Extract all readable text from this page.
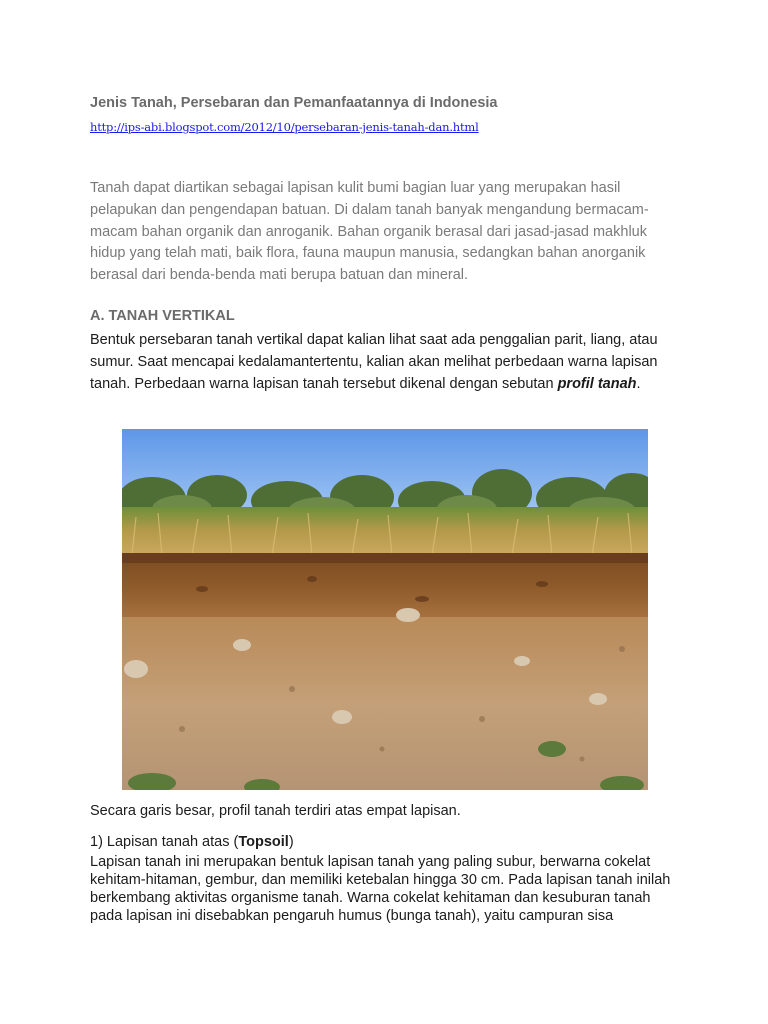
Jenis Tanah, Persebaran dan Pemanfaatannya di Indonesia
http://ips-abi.blogspot.com/2012/10/persebaran-jenis-tanah-dan.html

Tanah dapat diartikan sebagai lapisan kulit bumi bagian luar yang merupakan hasil pelapukan dan pengendapan batuan. Di dalam tanah banyak mengandung bermacam-macam bahan organik dan anroganik. Bahan organik berasal dari jasad-jasad makhluk hidup yang telah mati, baik flora, fauna maupun manusia, sedangkan bahan anorganik berasal dari benda-benda mati berupa batuan dan mineral.

A. TANAH VERTIKAL

Bentuk persebaran tanah vertikal dapat kalian lihat saat ada penggalian parit, liang, atau sumur. Saat mencapai kedalamantertentu, kalian akan melihat perbedaan warna lapisan tanah. Perbedaan warna lapisan tanah tersebut dikenal dengan sebutan profil tanah.

Secara garis besar, profil tanah terdiri atas empat lapisan.

1) Lapisan tanah atas (Topsoil)

Lapisan tanah ini merupakan bentuk lapisan tanah yang paling subur, berwarna cokelat kehitam-hitaman, gembur, dan memiliki ketebalan hingga 30 cm. Pada lapisan tanah inilah berkembang aktivitas organisme tanah. Warna cokelat kehitaman dan kesuburan tanah pada lapisan ini disebabkan pengaruh humus (bunga tanah), yaitu campuran sisa
